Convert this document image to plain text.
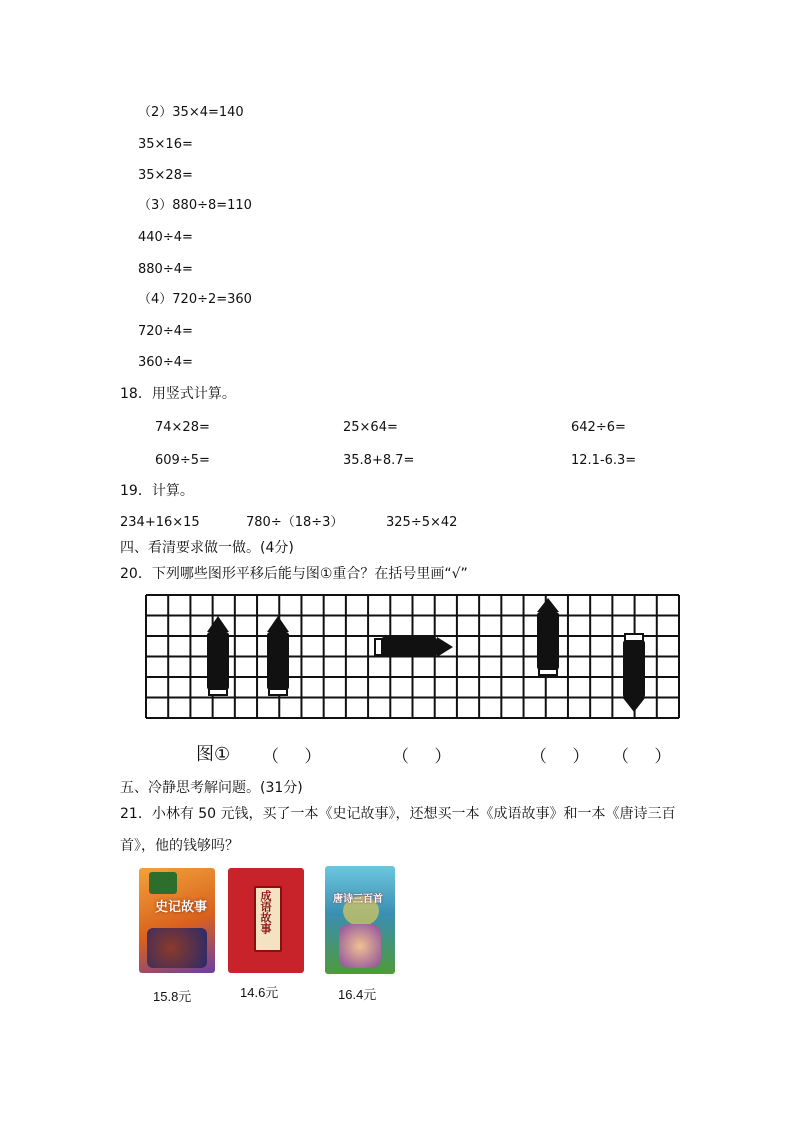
（2）35×4=140
35×16=
35×28=
（3）880÷8=110
440÷4=
880÷4=
（4）720÷2=360
720÷4=
360÷4=
18．用竖式计算。
74×28=	25×64=	642÷6=
609÷5=	35.8+8.7=	12.1-6.3=
19．计算。
234+16×15	780÷（18÷3）	325÷5×42
四、看清要求做一做。(4分)
20．下列哪些图形平移后能与图①重合？在括号里画“√”
图① （ ）	（ ）	（ ） （ ）
五、冷静思考解问题。(31分)
21．小林有 50 元钱，买了一本《史记故事》，还想买一本《成语故事》和一本《唐诗三百
首》，他的钱够吗？
史记故事	成语故事	唐诗三百首
15.8元	14.6元	16.4元
